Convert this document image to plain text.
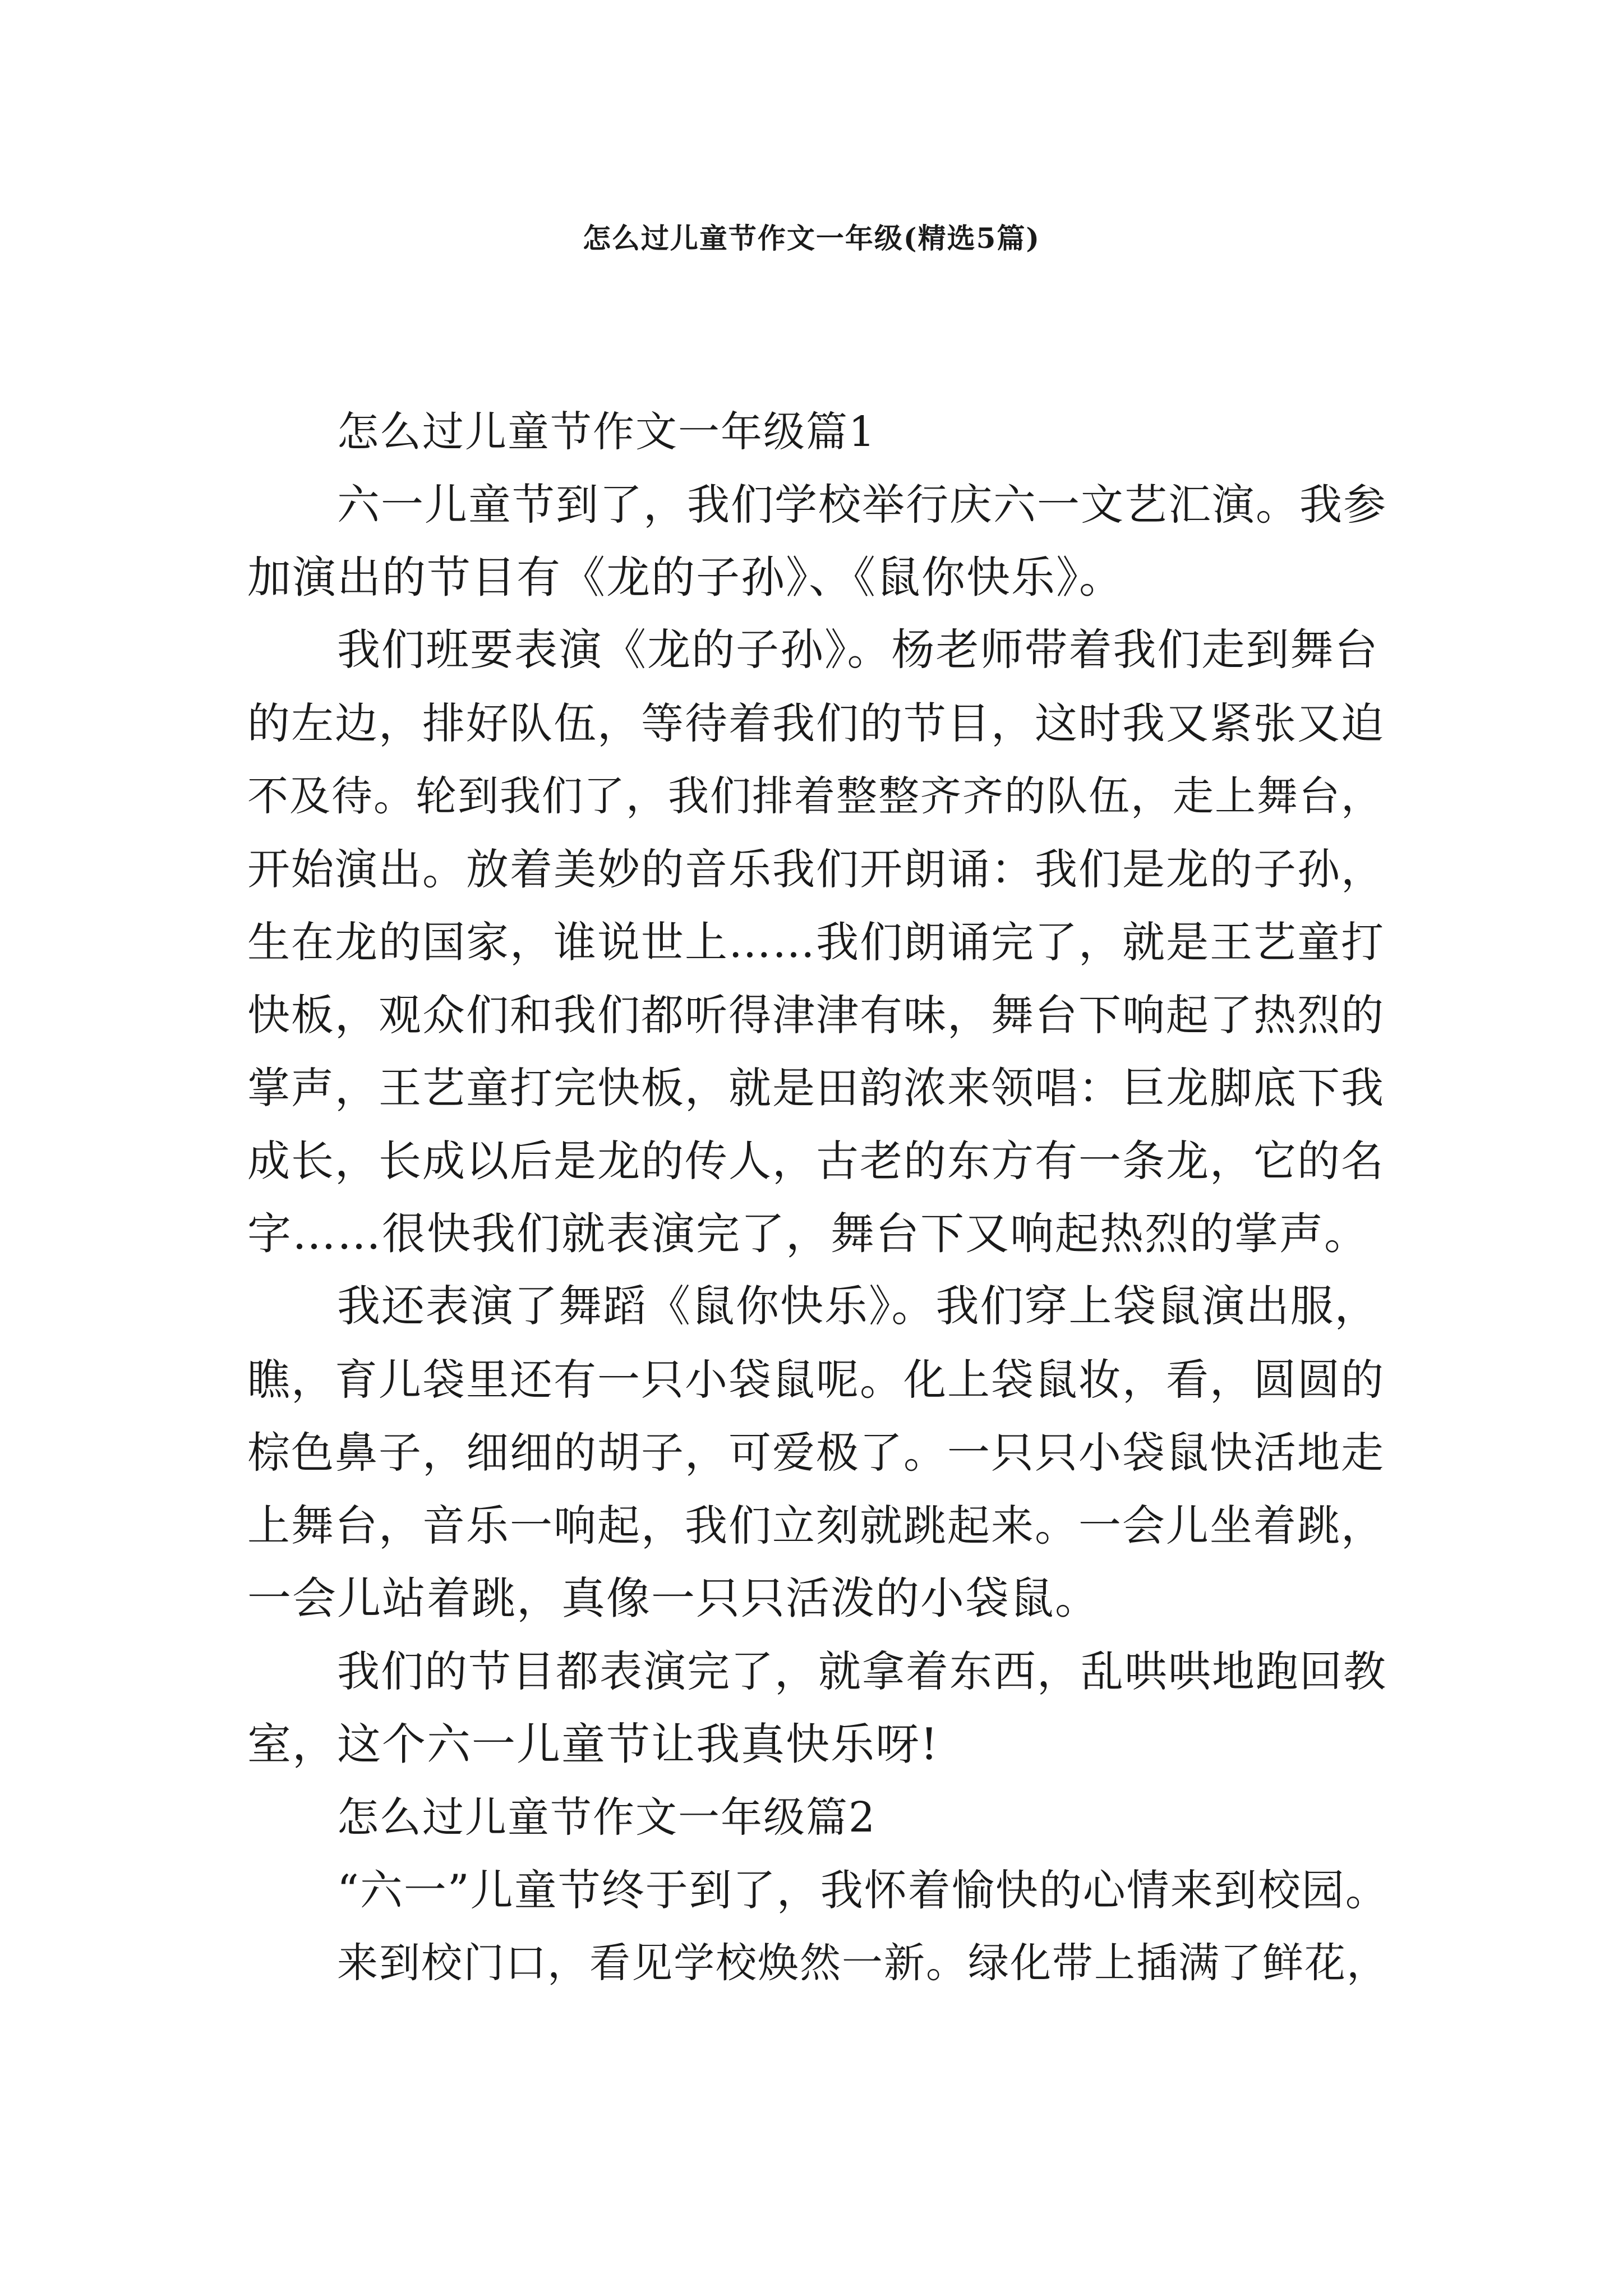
怎么过儿童节作文一年级(精选5篇)
怎么过儿童节作文一年级篇1
六一儿童节到了，我们学校举行庆六一文艺汇演。我参
加演出的节目有《龙的子孙》、《鼠你快乐》。
我们班要表演《龙的子孙》。杨老师带着我们走到舞台
的左边，排好队伍，等待着我们的节目，这时我又紧张又迫
不及待。轮到我们了，我们排着整整齐齐的队伍，走上舞台，
开始演出。放着美妙的音乐我们开朗诵：我们是龙的子孙，
生在龙的国家，谁说世上……我们朗诵完了，就是王艺童打
快板，观众们和我们都听得津津有味，舞台下响起了热烈的
掌声，王艺童打完快板，就是田韵浓来领唱：巨龙脚底下我
成长，长成以后是龙的传人，古老的东方有一条龙，它的名
字……很快我们就表演完了，舞台下又响起热烈的掌声。
我还表演了舞蹈《鼠你快乐》。我们穿上袋鼠演出服，
瞧，育儿袋里还有一只小袋鼠呢。化上袋鼠妆，看，圆圆的
棕色鼻子，细细的胡子，可爱极了。一只只小袋鼠快活地走
上舞台，音乐一响起，我们立刻就跳起来。一会儿坐着跳，
一会儿站着跳，真像一只只活泼的小袋鼠。
我们的节目都表演完了，就拿着东西，乱哄哄地跑回教
室，这个六一儿童节让我真快乐呀!
怎么过儿童节作文一年级篇2
“六一”儿童节终于到了，我怀着愉快的心情来到校园。
来到校门口，看见学校焕然一新。绿化带上插满了鲜花，
